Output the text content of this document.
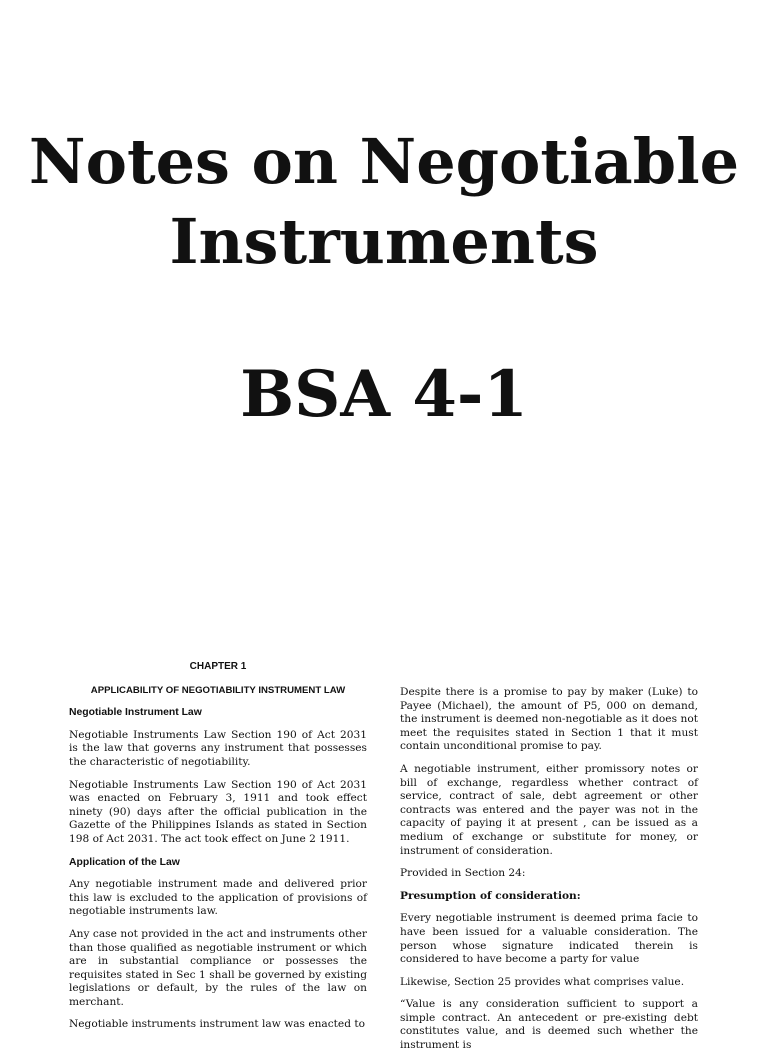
Notes on Negotiable
Instruments
BSA 4-1

CHAPTER 1

APPLICABILITY OF NEGOTIABILITY INSTRUMENT LAW

Negotiable Instrument Law

Negotiable Instruments Law Section 190 of Act 2031 is the law that governs any instrument that possesses the characteristic of negotiability.

Negotiable Instruments Law Section 190 of Act 2031 was enacted on February 3, 1911 and took effect ninety (90) days after the official publication in the Gazette of the Philippines Islands as stated in Section 198 of Act 2031. The act took effect on June 2 1911.

Application of the Law

Any negotiable instrument made and delivered prior this law is excluded to the application of provisions of negotiable instruments law.

Any case not provided in the act and instruments other than those qualified as negotiable instrument or which are in substantial compliance or possesses the requisites stated in Sec 1 shall be governed by existing legislations or default, by the rules of the law on merchant.

Negotiable instruments instrument law was enacted to

Despite there is a promise to pay by maker (Luke) to Payee (Michael), the amount of P5, 000 on demand, the instrument is deemed non-negotiable as it does not meet the requisites stated in Section 1 that it must contain unconditional promise to pay.

A negotiable instrument, either promissory notes or bill of exchange, regardless whether contract of service, contract of sale, debt agreement or other contracts was entered and the payer was not in the capacity of paying it at present , can be issued as a medium of exchange or substitute for money, or instrument of consideration.

Provided in Section 24:

Presumption of consideration:

Every negotiable instrument is deemed prima facie to have been issued for a valuable consideration. The person whose signature indicated therein is considered to have become a party for value

Likewise, Section 25 provides what comprises value.

“Value is any consideration sufficient to support a simple contract. An antecedent or pre-existing debt constitutes value, and is deemed such whether the instrument is
